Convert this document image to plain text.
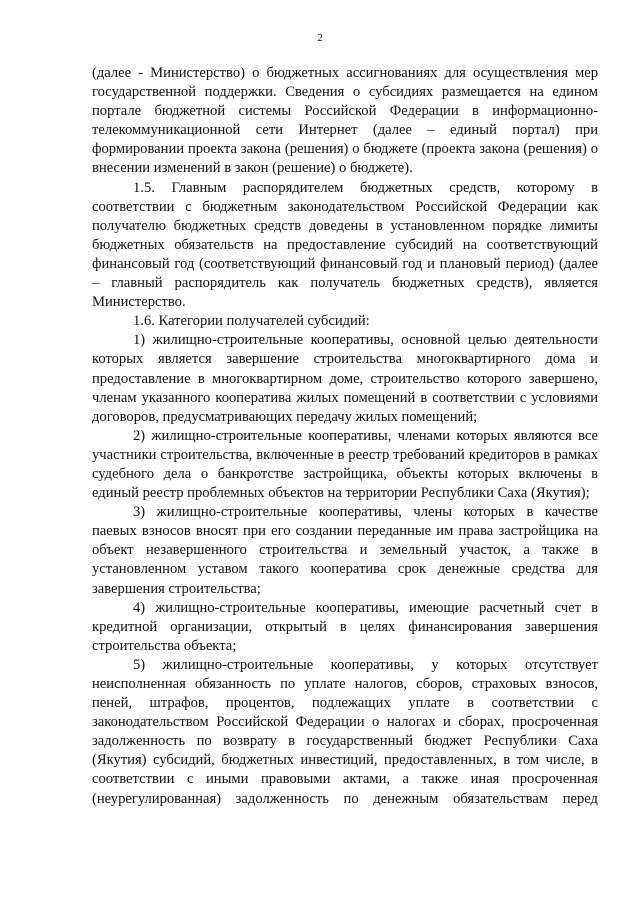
2

(далее - Министерство) о бюджетных ассигнованиях для осуществления мер государственной поддержки. Сведения о субсидиях размещается на едином портале бюджетной системы Российской Федерации в информационно-телекоммуникационной сети Интернет (далее – единый портал) при формировании проекта закона (решения) о бюджете (проекта закона (решения) о внесении изменений в закон (решение) о бюджете).

1.5. Главным распорядителем бюджетных средств, которому в соответствии с бюджетным законодательством Российской Федерации как получателю бюджетных средств доведены в установленном порядке лимиты бюджетных обязательств на предоставление субсидий на соответствующий финансовый год (соответствующий финансовый год и плановый период) (далее – главный распорядитель как получатель бюджетных средств), является Министерство.

1.6. Категории получателей субсидий:

1) жилищно-строительные кооперативы, основной целью деятельности которых является завершение строительства многоквартирного дома и предоставление в многоквартирном доме, строительство которого завершено, членам указанного кооператива жилых помещений в соответствии с условиями договоров, предусматривающих передачу жилых помещений;

2) жилищно-строительные кооперативы, членами которых являются все участники строительства, включенные в реестр требований кредиторов в рамках судебного дела о банкротстве застройщика, объекты которых включены в единый реестр проблемных объектов на территории Республики Саха (Якутия);

3) жилищно-строительные кооперативы, члены которых в качестве паевых взносов вносят при его создании переданные им права застройщика на объект незавершенного строительства и земельный участок, а также в установленном уставом такого кооператива срок денежные средства для завершения строительства;

4) жилищно-строительные кооперативы, имеющие расчетный счет в кредитной организации, открытый в целях финансирования завершения строительства объекта;

5) жилищно-строительные кооперативы, у которых отсутствует неисполненная обязанность по уплате налогов, сборов, страховых взносов, пеней, штрафов, процентов, подлежащих уплате в соответствии с законодательством Российской Федерации о налогах и сборах, просроченная задолженность по возврату в государственный бюджет Республики Саха (Якутия) субсидий, бюджетных инвестиций, предоставленных, в том числе, в соответствии с иными правовыми актами, а также иная просроченная (неурегулированная) задолженность по денежным обязательствам перед
